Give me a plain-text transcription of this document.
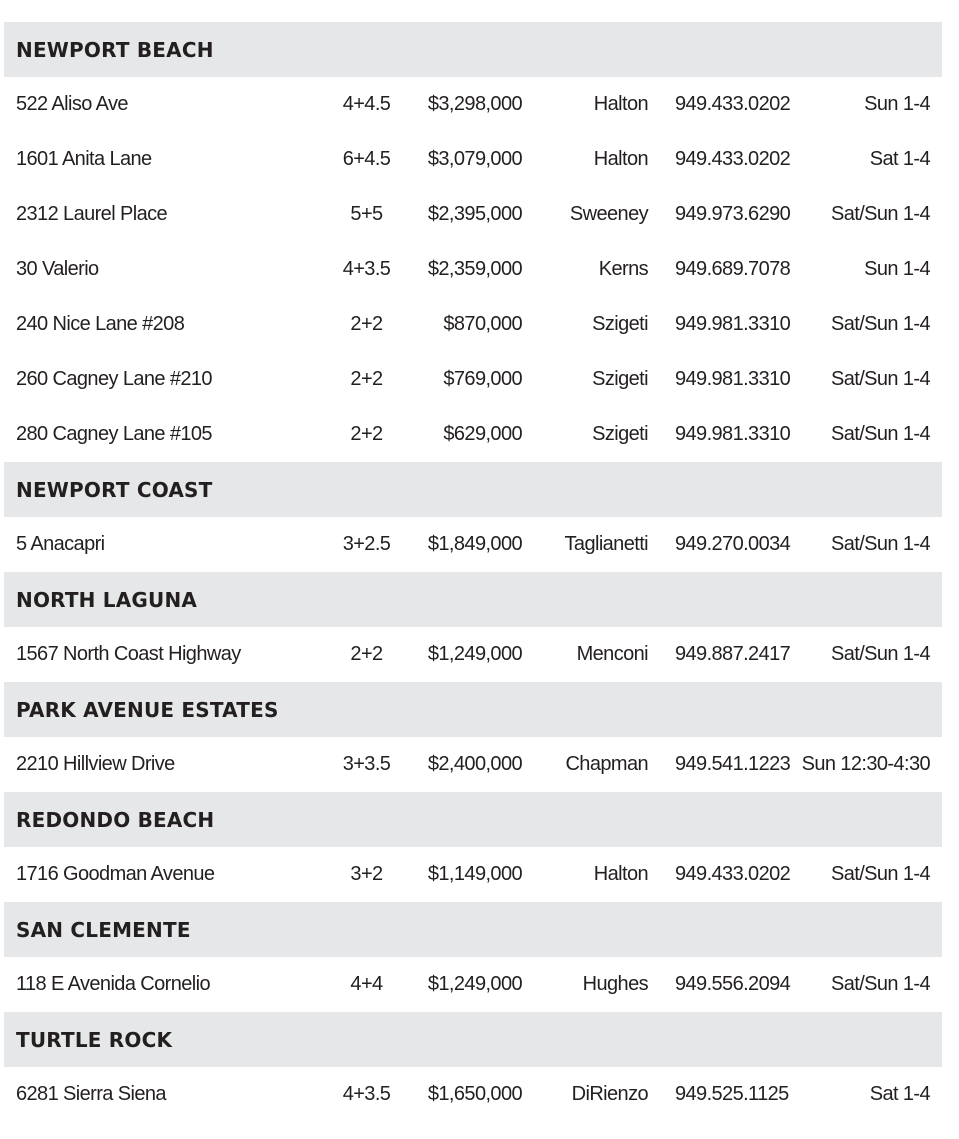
NEWPORT BEACH
522 Aliso Ave	4+4.5	$3,298,000	Halton 949.433.0202	Sun 1-4
1601 Anita Lane	6+4.5	$3,079,000	Halton 949.433.0202	Sat 1-4
2312 Laurel Place	5+5	$2,395,000 Sweeney 949.973.6290 Sat/Sun 1-4
30 Valerio	4+3.5	$2,359,000	Kerns 949.689.7078	Sun 1-4
240 Nice Lane #208	2+2	$870,000	Szigeti 949.981.3310 Sat/Sun 1-4
260 Cagney Lane #210	2+2	$769,000	Szigeti 949.981.3310 Sat/Sun 1-4
280 Cagney Lane #105	2+2	$629,000	Szigeti 949.981.3310 Sat/Sun 1-4
NEWPORT COAST
5 Anacapri	3+2.5	$1,849,000 Taglianetti 949.270.0034 Sat/Sun 1-4
NORTH LAGUNA
1567 North Coast Highway	2+2	$1,249,000	Menconi 949.887.2417 Sat/Sun 1-4
PARK AVENUE ESTATES
2210 Hillview Drive	3+3.5	$2,400,000 Chapman 949.541.1223 Sun 12:30-4:30
REDONDO BEACH
1716 Goodman Avenue	3+2	$1,149,000	Halton 949.433.0202 Sat/Sun 1-4
SAN CLEMENTE
118 E Avenida Cornelio	4+4	$1,249,000	Hughes 949.556.2094 Sat/Sun 1-4
TURTLE ROCK
6281 Sierra Siena	4+3.5	$1,650,000 DiRienzo 949.525.1125	Sat 1-4
